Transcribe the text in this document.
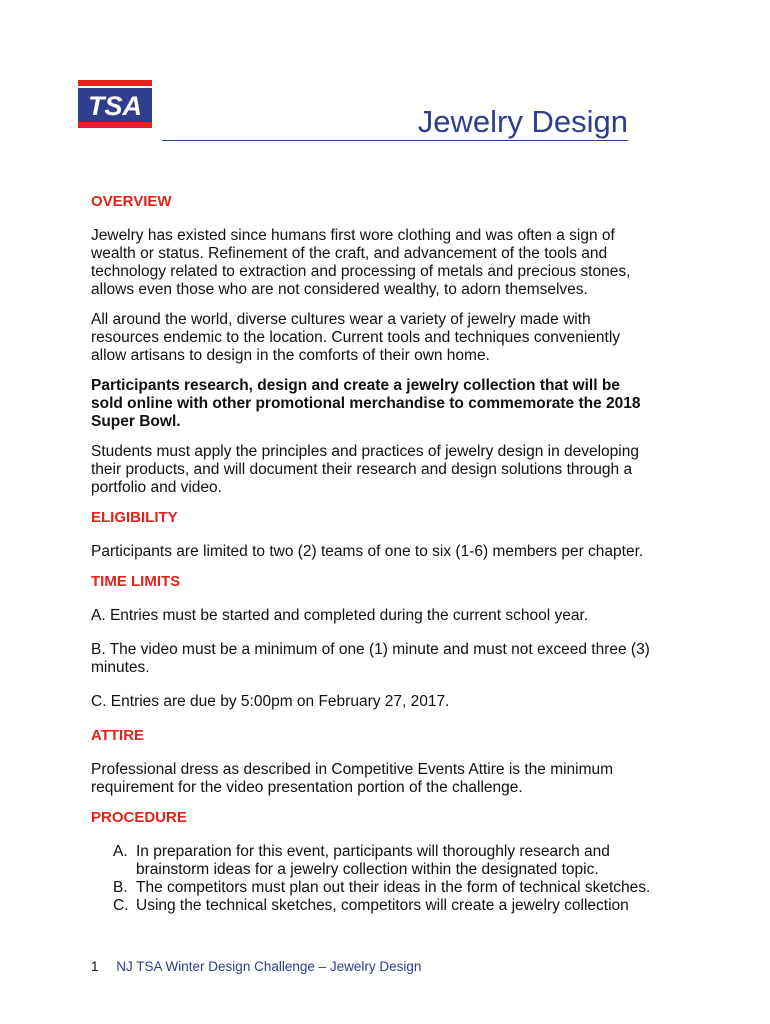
TSA	Jewelry Design

OVERVIEW

Jewelry has existed since humans first wore clothing and was often a sign of wealth or status. Refinement of the craft, and advancement of the tools and technology related to extraction and processing of metals and precious stones, allows even those who are not considered wealthy, to adorn themselves.

All around the world, diverse cultures wear a variety of jewelry made with resources endemic to the location. Current tools and techniques conveniently allow artisans to design in the comforts of their own home.

Participants research, design and create a jewelry collection that will be sold online with other promotional merchandise to commemorate the 2018 Super Bowl.

Students must apply the principles and practices of jewelry design in developing their products, and will document their research and design solutions through a portfolio and video.

ELIGIBILITY

Participants are limited to two (2) teams of one to six (1-6) members per chapter.

TIME LIMITS

A. Entries must be started and completed during the current school year.

B. The video must be a minimum of one (1) minute and must not exceed three (3) minutes.

C. Entries are due by 5:00pm on February 27, 2017.

ATTIRE

Professional dress as described in Competitive Events Attire is the minimum requirement for the video presentation portion of the challenge.

PROCEDURE

A. In preparation for this event, participants will thoroughly research and brainstorm ideas for a jewelry collection within the designated topic.
B. The competitors must plan out their ideas in the form of technical sketches.
C. Using the technical sketches, competitors will create a jewelry collection
1 NJ TSA Winter Design Challenge – Jewelry Design
